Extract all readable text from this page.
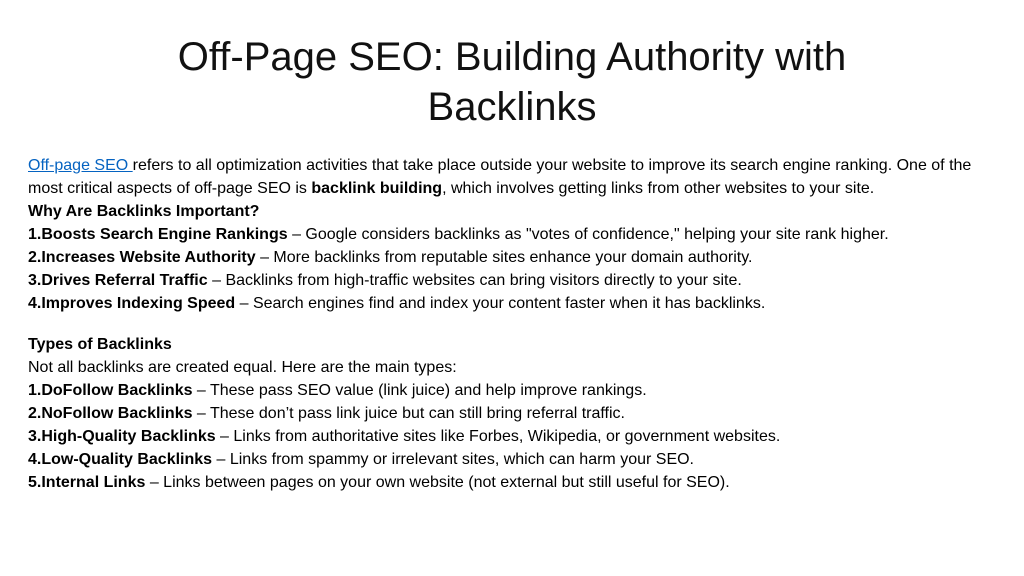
Off-Page SEO: Building Authority with
Backlinks

Off-page SEO refers to all optimization activities that take place outside your website to improve its search engine ranking. One of the most critical aspects of off-page SEO is backlink building, which involves getting links from other websites to your site.

Why Are Backlinks Important?

1.Boosts Search Engine Rankings – Google considers backlinks as "votes of confidence," helping your site rank higher.

2.Increases Website Authority – More backlinks from reputable sites enhance your domain authority.

3.Drives Referral Traffic – Backlinks from high-traffic websites can bring visitors directly to your site.

4.Improves Indexing Speed – Search engines find and index your content faster when it has backlinks.

Types of Backlinks

Not all backlinks are created equal. Here are the main types:

1.DoFollow Backlinks – These pass SEO value (link juice) and help improve rankings.

2.NoFollow Backlinks – These don’t pass link juice but can still bring referral traffic.

3.High-Quality Backlinks – Links from authoritative sites like Forbes, Wikipedia, or government websites.

4.Low-Quality Backlinks – Links from spammy or irrelevant sites, which can harm your SEO.

5.Internal Links – Links between pages on your own website (not external but still useful for SEO).
